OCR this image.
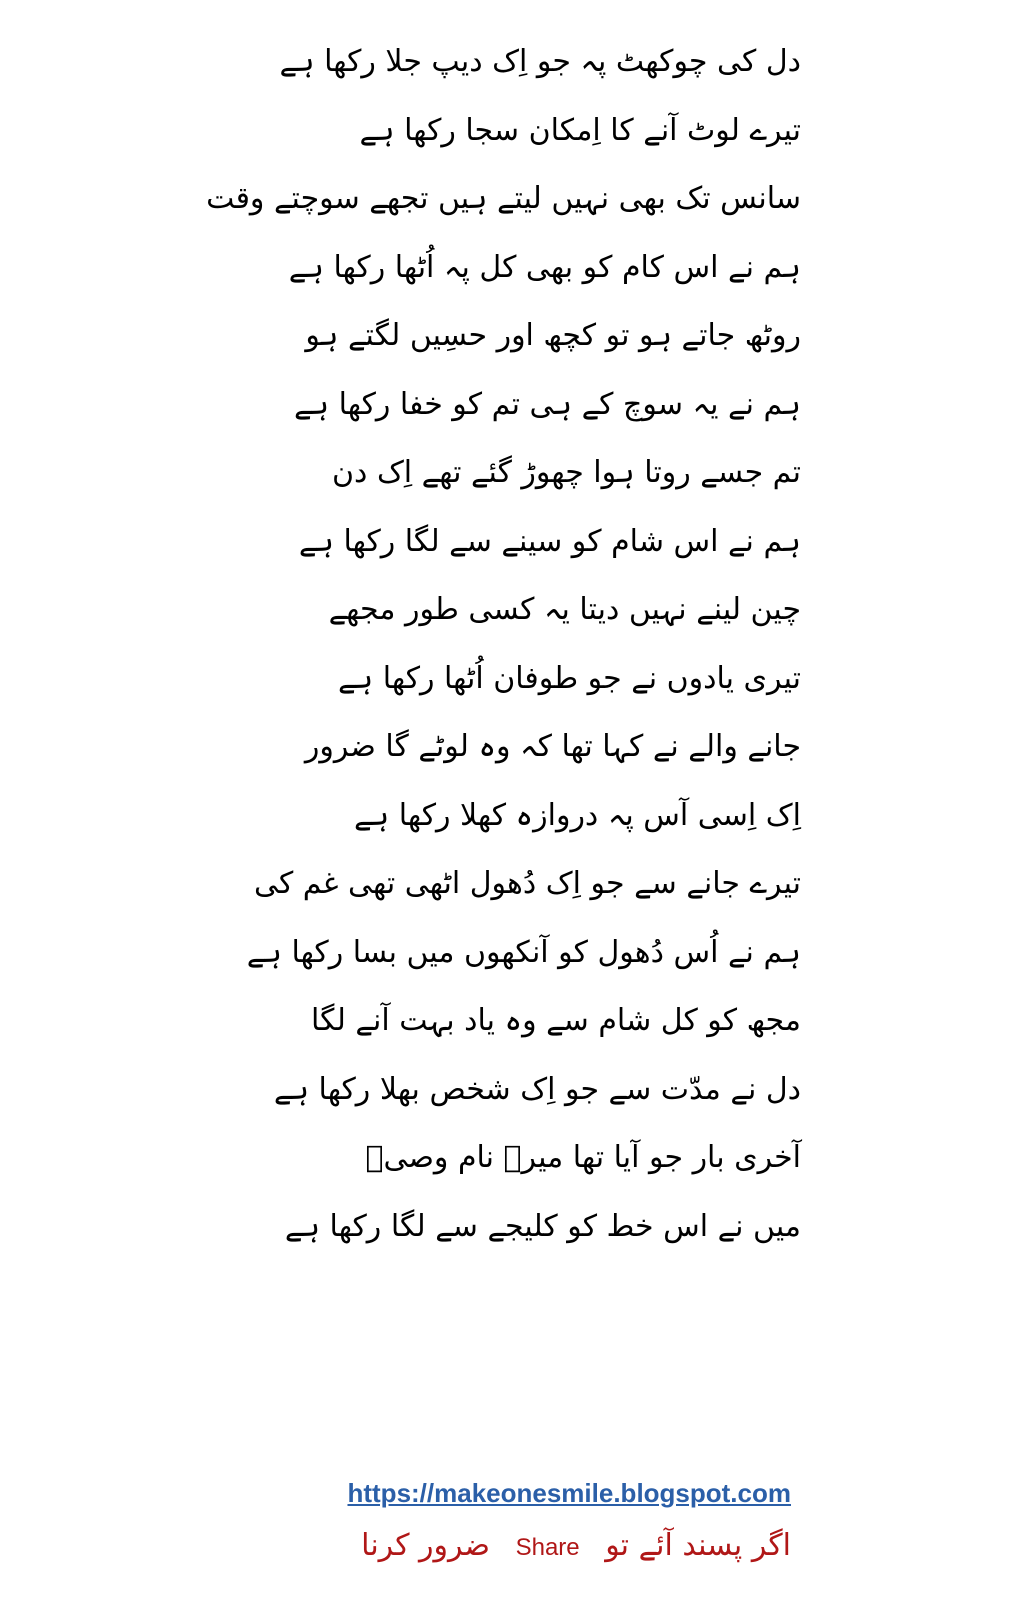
دل کی چوکھٹ پہ جو اِک دیپ جلا رکھا ہے
تیرے لوٹ آنے کا اِمکان سجا رکھا ہے
سانس تک بھی نہیں لیتے ہیں تجھے سوچتے وقت
ہم نے اس کام کو بھی کل پہ اُٹھا رکھا ہے
روٹھ جاتے ہو تو کچھ اور حسِیں لگتے ہو
ہم نے یہ سوچ کے ہی تم کو خفا رکھا ہے
تم جسے روتا ہوا چھوڑ گئے تھے اِک دن
ہم نے اس شام کو سینے سے لگا رکھا ہے
چین لینے نہیں دیتا یہ کسی طور مجھے
تیری یادوں نے جو طوفان اُٹھا رکھا ہے
جانے والے نے کہا تھا کہ وہ لوٹے گا ضرور
اِک اِسی آس پہ دروازہ کھلا رکھا ہے
تیرے جانے سے جو اِک دُھول اٹھی تھی غم کی
ہم نے اُس دُھول کو آنکھوں میں بسا رکھا ہے
مجھ کو کل شام سے وہ یاد بہت آنے لگا
دل نے مدّت سے جو اِک شخص بھلا رکھا ہے
آخری بار جو آیا تھا میرے نام وصیؔ
میں نے اس خط کو کلیجے سے لگا رکھا ہے
https://makeonesmile.blogspot.com
اگر پسند آئے تو Share ضرور کرنا
